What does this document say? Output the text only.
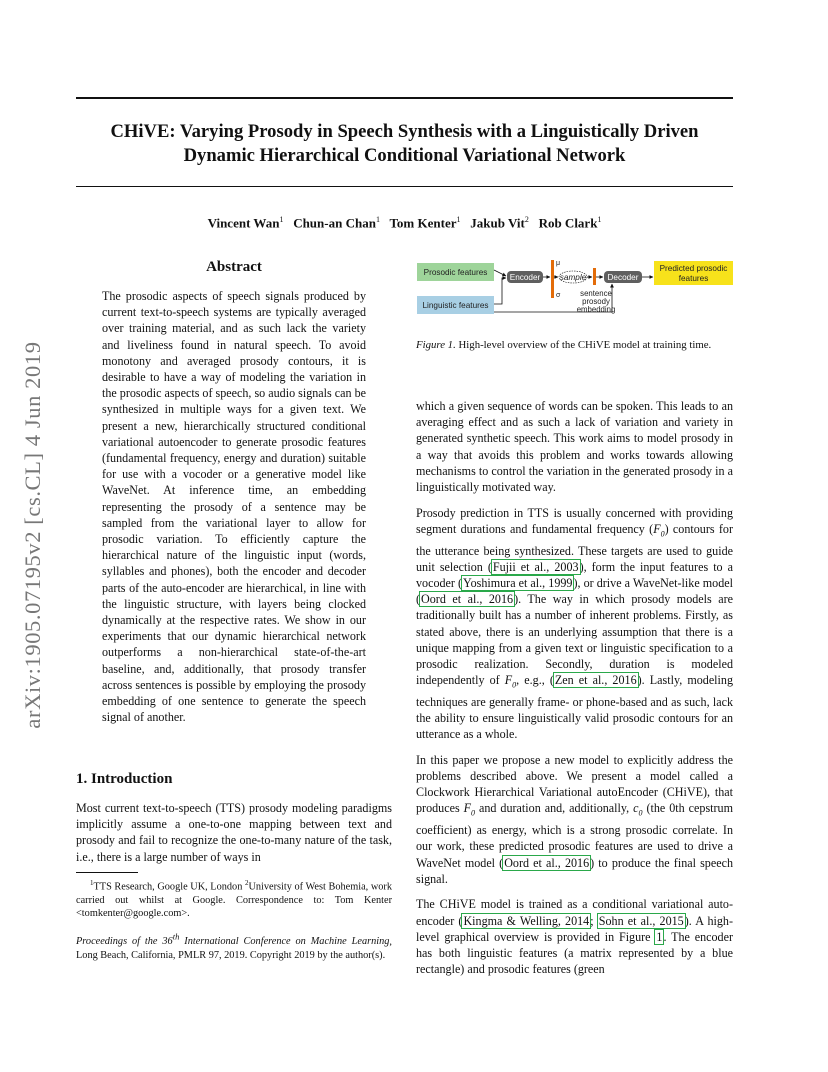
CHiVE: Varying Prosody in Speech Synthesis with a Linguistically Driven
Dynamic Hierarchical Conditional Variational Network
Vincent Wan$^1$ Chun-an Chan$^1$ Tom Kenter$^1$ Jakub Vit$^2$ Rob Clark$^1$
arXiv:1905.07195v2 [cs.CL] 4 Jun 2019
Abstract

The prosodic aspects of speech signals produced by current text-to-speech systems are typically averaged over training material, and as such lack the variety and liveliness found in natural speech. To avoid monotony and averaged prosody contours, it is desirable to have a way of modeling the variation in the prosodic aspects of speech, so audio signals can be synthesized in multiple ways for a given text. We present a new, hierarchically structured conditional variational autoencoder to generate prosodic features (fundamental frequency, energy and duration) suitable for use with a vocoder or a generative model like WaveNet. At inference time, an embedding representing the prosody of a sentence may be sampled from the variational layer to allow for prosodic variation. To efficiently capture the hierarchical nature of the linguistic input (words, syllables and phones), both the encoder and decoder parts of the auto-encoder are hierarchical, in line with the linguistic structure, with layers being clocked dynamically at the respective rates. We show in our experiments that our dynamic hierarchical network outperforms a non-hierarchical state-of-the-art baseline, and, additionally, that prosody transfer across sentences is possible by employing the prosody embedding of one sentence to generate the speech signal of another.

1. Introduction

Most current text-to-speech (TTS) prosody modeling paradigms implicitly assume a one-to-one mapping between text and prosody and fail to recognize the one-to-many nature of the task, i.e., there is a large number of ways in

$^1$TTS Research, Google UK, London $^2$University of West Bohemia, work carried out whilst at Google. Correspondence to: Tom Kenter <tomkenter@google.com>.
Proceedings of the 36th International Conference on Machine Learning, Long Beach, California, PMLR 97, 2019. Copyright 2019 by the author(s).
Prosodic features
Linguistic features
Encoder
μ
σ
sample	Decoder
Predicted prosodic
features
sentence
prosody
embedding
Figure 1. High-level overview of the CHiVE model at training time.

which a given sequence of words can be spoken. This leads to an averaging effect and as such a lack of variation and variety in generated synthetic speech. This work aims to model prosody in a way that avoids this problem and works towards allowing mechanisms to control the variation in the generated prosody in a linguistically motivated way.

Prosody prediction in TTS is usually concerned with providing segment durations and fundamental frequency $(F_0)$ contours for the utterance being synthesized. These targets are used to guide unit selection (Fujii et al., 2003), form the input features to a vocoder (Yoshimura et al., 1999), or drive a WaveNet-like model (Oord et al., 2016). The way in which prosody models are traditionally built has a number of inherent problems. Firstly, as stated above, there is an underlying assumption that there is a unique mapping from a given text or linguistic specification to a prosodic realization. Secondly, duration is modeled independently of $F_0$, e.g., (Zen et al., 2016). Lastly, modeling techniques are generally frame- or phone-based and as such, lack the ability to ensure linguistically valid prosodic contours for an utterance as a whole.

In this paper we propose a new model to explicitly address the problems described above. We present a model called a Clockwork Hierarchical Variational autoEncoder (CHiVE), that produces $F_0$ and duration and, additionally, $c_0$ (the 0th cepstrum coefficient) as energy, which is a strong prosodic correlate. In our work, these predicted prosodic features are used to drive a WaveNet model (Oord et al., 2016) to produce the final speech signal.

The CHiVE model is trained as a conditional variational auto-encoder (Kingma & Welling, 2014; Sohn et al., 2015). A high-level graphical overview is provided in Figure 1. The encoder has both linguistic features (a matrix represented by a blue rectangle) and prosodic features (green
